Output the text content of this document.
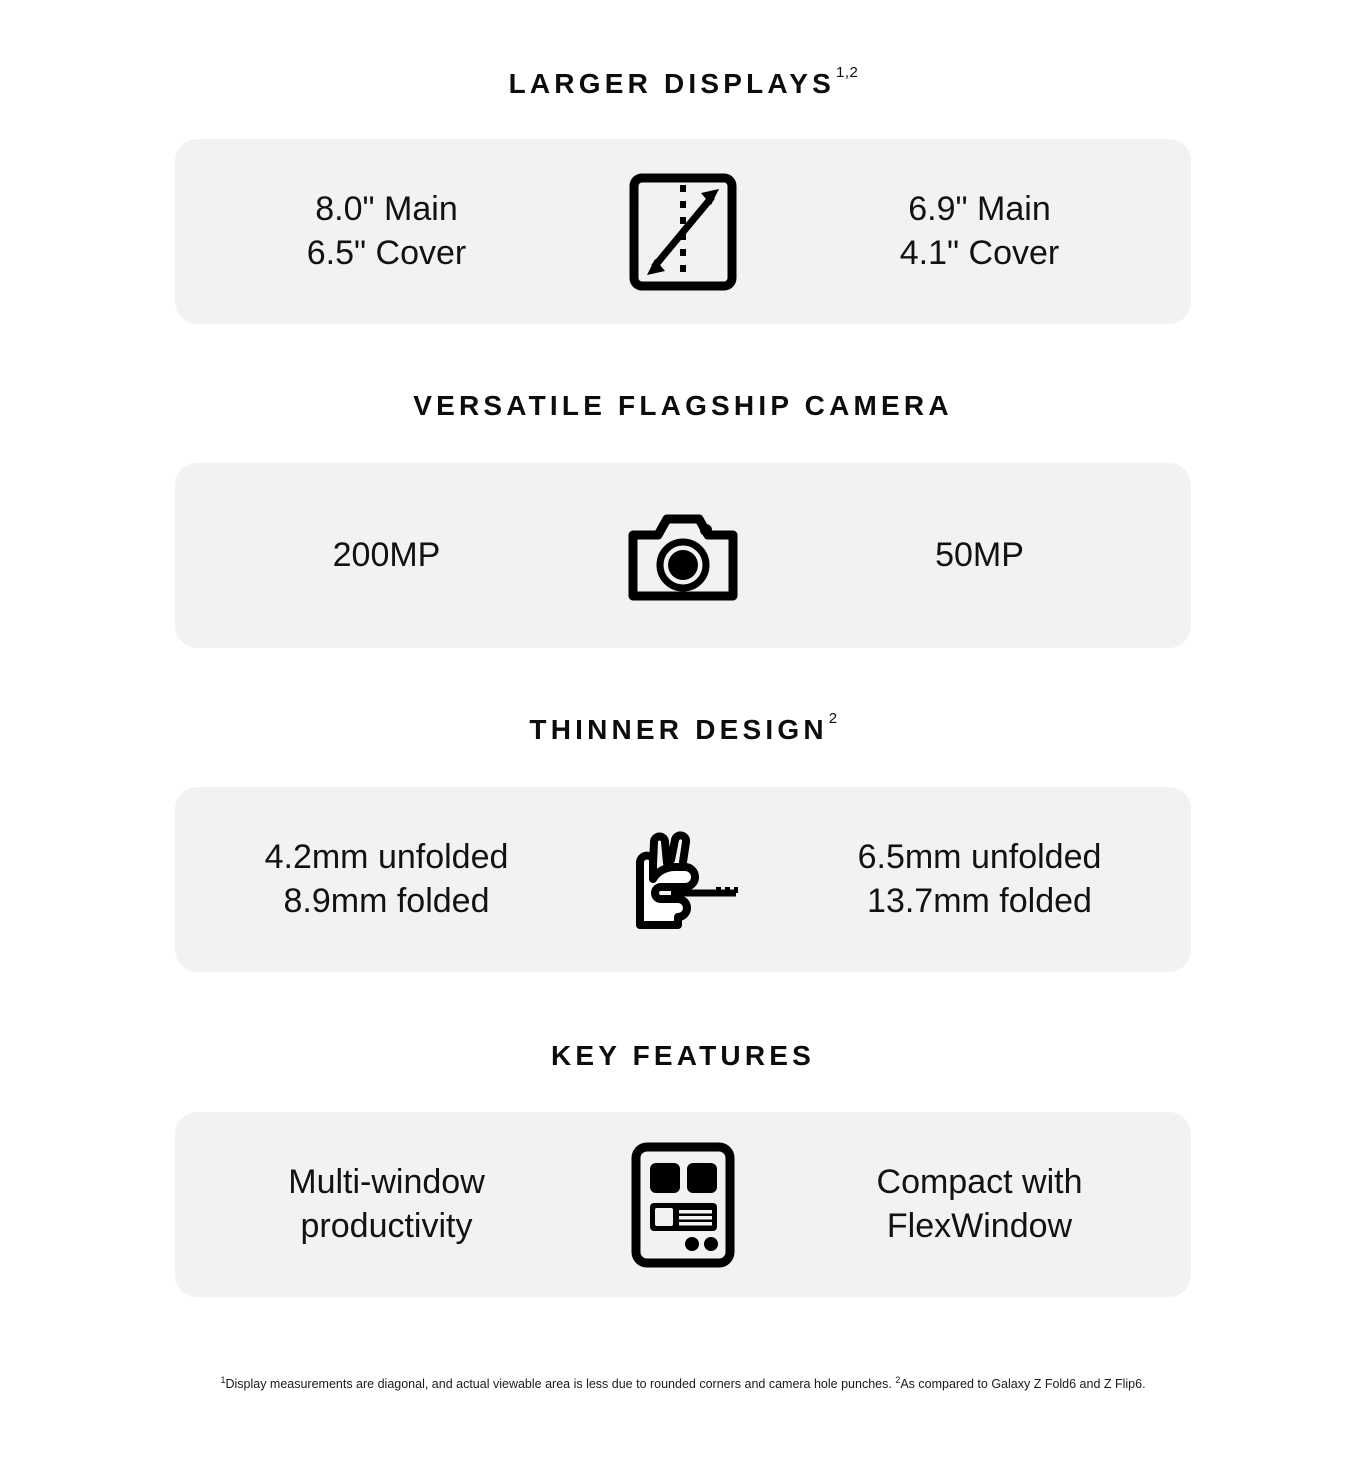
LARGER DISPLAYS$^{1,2}$
8.0" Main
6.5" Cover
6.9" Main
4.1" Cover
VERSATILE FLAGSHIP CAMERA
200MP	50MP
THINNER DESIGN$^2$
4.2mm unfolded
8.9mm folded
6.5mm unfolded
13.7mm folded
KEY FEATURES
Multi-window
productivity
Compact with
FlexWindow
$^1$Display measurements are diagonal, and actual viewable area is less due to rounded corners and camera hole punches. $^2$As compared to Galaxy Z Fold6 and Z Flip6.
